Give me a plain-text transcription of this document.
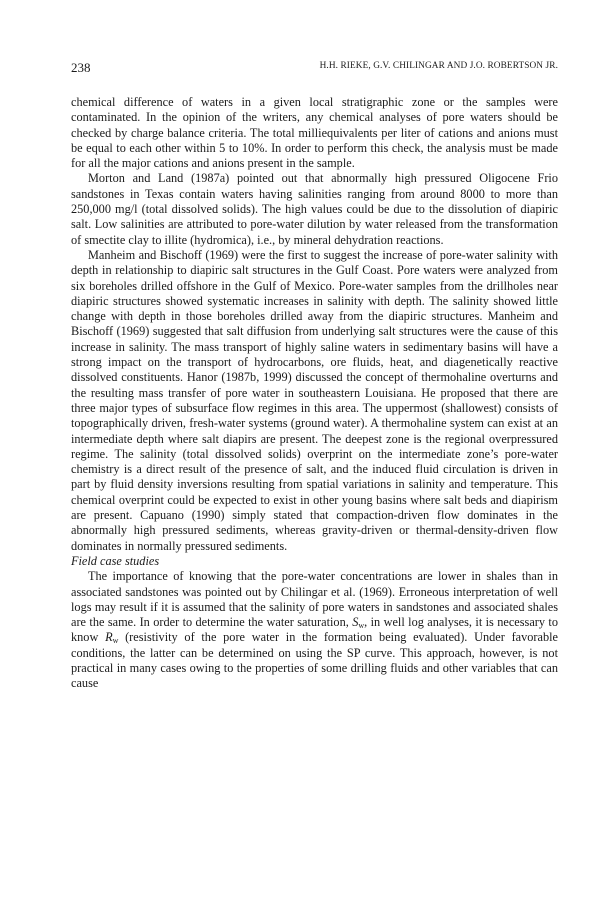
238	H.H. RIEKE, G.V. CHILINGAR AND J.O. ROBERTSON JR.

chemical difference of waters in a given local stratigraphic zone or the samples were contaminated. In the opinion of the writers, any chemical analyses of pore waters should be checked by charge balance criteria. The total milliequivalents per liter of cations and anions must be equal to each other within 5 to 10%. In order to perform this check, the analysis must be made for all the major cations and anions present in the sample.

Morton and Land (1987a) pointed out that abnormally high pressured Oligocene Frio sandstones in Texas contain waters having salinities ranging from around 8000 to more than 250,000 mg/l (total dissolved solids). The high values could be due to the dissolution of diapiric salt. Low salinities are attributed to pore-water dilution by water released from the transformation of smectite clay to illite (hydromica), i.e., by mineral dehydration reactions.

Manheim and Bischoff (1969) were the first to suggest the increase of pore-water salinity with depth in relationship to diapiric salt structures in the Gulf Coast. Pore waters were analyzed from six boreholes drilled offshore in the Gulf of Mexico. Pore-water samples from the drillholes near diapiric structures showed systematic increases in salinity with depth. The salinity showed little change with depth in those boreholes drilled away from the diapiric structures. Manheim and Bischoff (1969) suggested that salt diffusion from underlying salt structures were the cause of this increase in salinity. The mass transport of highly saline waters in sedimentary basins will have a strong impact on the transport of hydrocarbons, ore fluids, heat, and diagenetically reactive dissolved constituents. Hanor (1987b, 1999) discussed the concept of thermohaline overturns and the resulting mass transfer of pore water in southeastern Louisiana. He proposed that there are three major types of subsurface flow regimes in this area. The uppermost (shallowest) consists of topographically driven, fresh-water systems (ground water). A thermohaline system can exist at an intermediate depth where salt diapirs are present. The deepest zone is the regional overpressured regime. The salinity (total dissolved solids) overprint on the intermediate zone’s pore-water chemistry is a direct result of the presence of salt, and the induced fluid circulation is driven in part by fluid density inversions resulting from spatial variations in salinity and temperature. This chemical overprint could be expected to exist in other young basins where salt beds and diapirism are present. Capuano (1990) simply stated that compaction-driven flow dominates in the abnormally high pressured sediments, whereas gravity-driven or thermal-density-driven flow dominates in normally pressured sediments.

Field case studies

The importance of knowing that the pore-water concentrations are lower in shales than in associated sandstones was pointed out by Chilingar et al. (1969). Erroneous interpretation of well logs may result if it is assumed that the salinity of pore waters in sandstones and associated shales are the same. In order to determine the water saturation, $S_w$, in well log analyses, it is necessary to know $R_w$ (resistivity of the pore water in the formation being evaluated). Under favorable conditions, the latter can be determined on using the SP curve. This approach, however, is not practical in many cases owing to the properties of some drilling fluids and other variables that can cause
